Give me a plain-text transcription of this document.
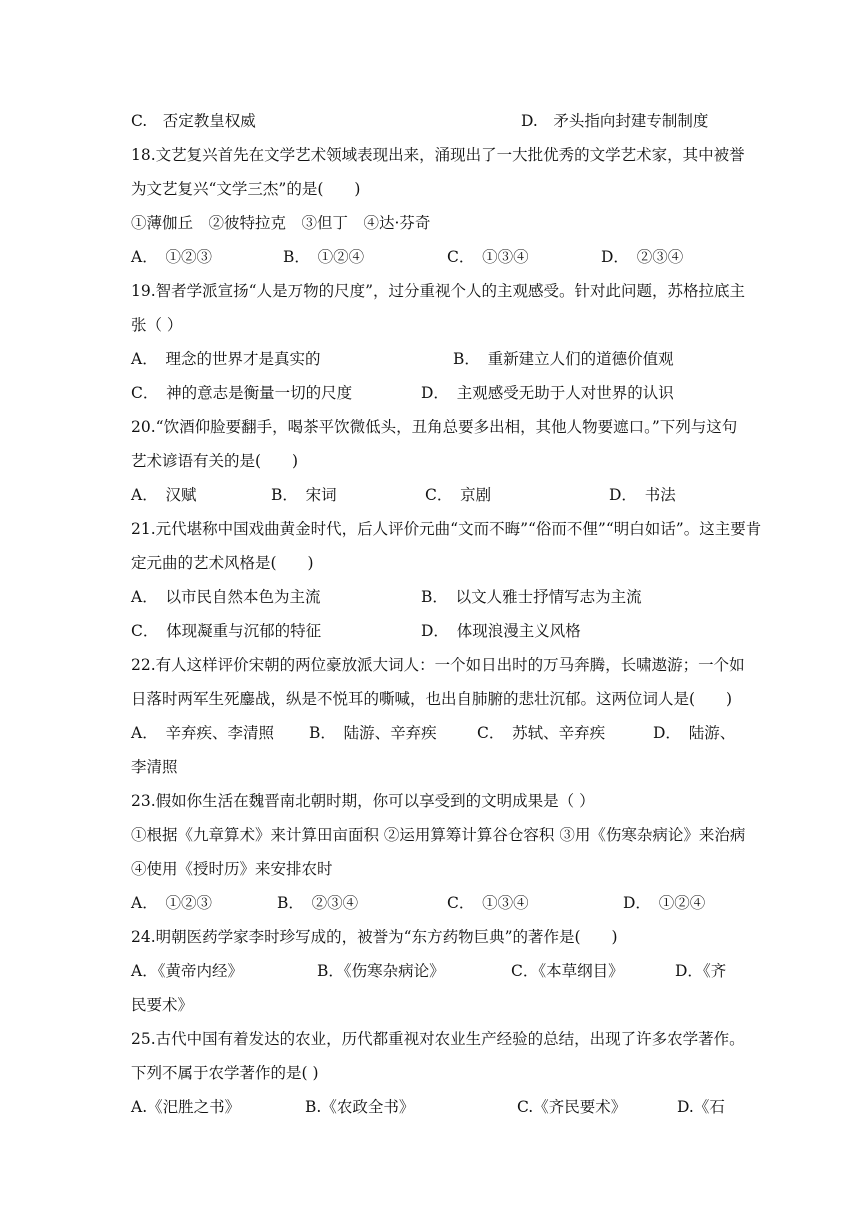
C.　 否定教皇权威	D.　 矛头指向封建专制制度
18.文艺复兴首先在文学艺术领域表现出来，涌现出了一大批优秀的文学艺术家，其中被誉
为文艺复兴“文学三杰”的是(　　)
①薄伽丘　②彼特拉克　③但丁　④达·芬奇
A．　 ①②③	B．　 ①②④	C．　 ①③④	D．　 ②③④
19.智者学派宣扬“人是万物的尺度”，过分重视个人的主观感受。针对此问题，苏格拉底主
张（ ）
A．　 理念的世界才是真实的	B．　 重新建立人们的道德价值观
C．　 神的意志是衡量一切的尺度	D．　 主观感受无助于人对世界的认识
20.“饮酒仰脸要翻手，喝茶平饮微低头，丑角总要多出相，其他人物要遮口。”下列与这句
艺术谚语有关的是(　　)
A．　 汉赋	B．　 宋词	C．　 京剧	D．　 书法
21.元代堪称中国戏曲黄金时代，后人评价元曲“文而不晦”“俗而不俚”“明白如话”。这主要肯
定元曲的艺术风格是(　　)
A．　 以市民自然本色为主流	B．　 以文人雅士抒情写志为主流
C．　 体现凝重与沉郁的特征	D．　 体现浪漫主义风格
22.有人这样评价宋朝的两位豪放派大词人：一个如日出时的万马奔腾，长啸遨游；一个如
日落时两军生死鏖战，纵是不悦耳的嘶喊，也出自肺腑的悲壮沉郁。这两位词人是(　　)
A．　 辛弃疾、李清照 B．　 陆游、辛弃疾	C．　 苏轼、辛弃疾	D．　 陆游、
李清照
23.假如你生活在魏晋南北朝时期，你可以享受到的文明成果是（ ）
①根据《九章算术》来计算田亩面积 ②运用算筹计算谷仓容积 ③用《伤寒杂病论》来治病
④使用《授时历》来安排农时
A．　 ①②③	B．　 ②③④	C．　 ①③④	D．　 ①②④
24.明朝医药学家李时珍写成的，被誉为“东方药物巨典”的著作是(　　)
A．《黄帝内经》	B．《伤寒杂病论》	C．《本草纲目》	D．《齐
民要术》
25.古代中国有着发达的农业，历代都重视对农业生产经验的总结，出现了许多农学著作。
下列不属于农学著作的是( )
A.《汜胜之书》	B.《农政全书》	C.《齐民要术》	D.《石
